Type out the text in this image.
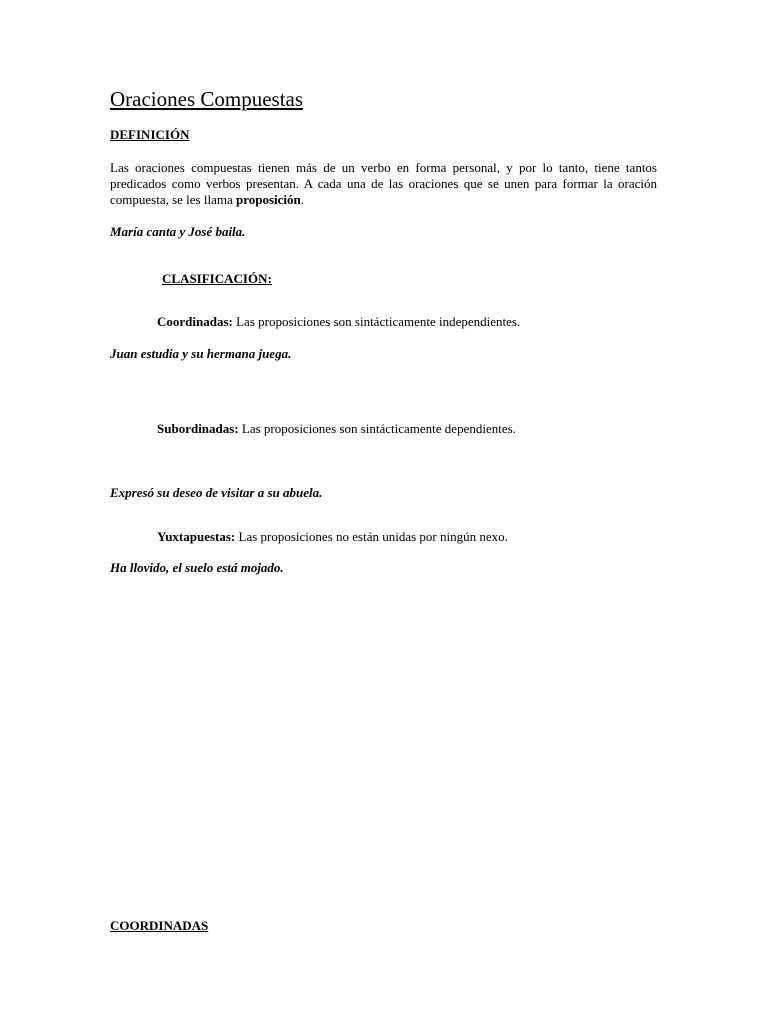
Oraciones Compuestas
DEFINICIÓN
Las oraciones compuestas tienen más de un verbo en forma personal, y por lo tanto, tiene tantos predicados como verbos presentan. A cada una de las oraciones que se unen para formar la oración compuesta, se les llama proposición.
María canta y José baila.
CLASIFICACIÓN:
Coordinadas: Las proposiciones son sintácticamente independientes.
Juan estudia y su hermana juega.
Subordinadas: Las proposiciones son sintácticamente dependientes.
Expresó su deseo de visitar a su abuela.
Yuxtapuestas: Las proposiciones no están unidas por ningún nexo.
Ha llovido, el suelo está mojado.
COORDINADAS
